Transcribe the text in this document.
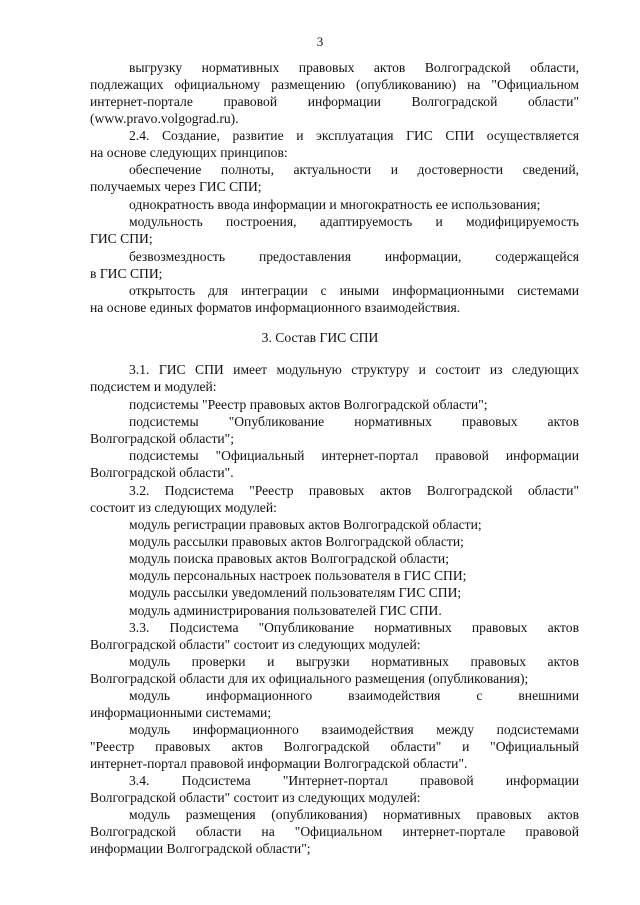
3
3. Состав ГИС СПИ
выгрузку нормативных правовых актов Волгоградской области,
подлежащих официальному размещению (опубликованию) на "Официальном
интернет-портале правовой информации Волгоградской области"
(www.pravo.volgograd.ru).
2.4. Создание, развитие и эксплуатация ГИС СПИ осуществляется
на основе следующих принципов:
обеспечение полноты, актуальности и достоверности сведений,
получаемых через ГИС СПИ;
однократность ввода информации и многократность ее использования;
модульность построения, адаптируемость и модифицируемость
ГИС СПИ;
безвозмездность предоставления информации, содержащейся
в ГИС СПИ;
открытость для интеграции с иными информационными системами
на основе единых форматов информационного взаимодействия.
3.1. ГИС СПИ имеет модульную структуру и состоит из следующих
подсистем и модулей:
подсистемы "Реестр правовых актов Волгоградской области";
подсистемы "Опубликование нормативных правовых актов
Волгоградской области";
подсистемы "Официальный интернет-портал правовой информации
Волгоградской области".
3.2. Подсистема "Реестр правовых актов Волгоградской области"
состоит из следующих модулей:
модуль регистрации правовых актов Волгоградской области;
модуль рассылки правовых актов Волгоградской области;
модуль поиска правовых актов Волгоградской области;
модуль персональных настроек пользователя в ГИС СПИ;
модуль рассылки уведомлений пользователям ГИС СПИ;
модуль администрирования пользователей ГИС СПИ.
3.3. Подсистема "Опубликование нормативных правовых актов
Волгоградской области" состоит из следующих модулей:
модуль проверки и выгрузки нормативных правовых актов
Волгоградской области для их официального размещения (опубликования);
модуль информационного взаимодействия с внешними
информационными системами;
модуль информационного взаимодействия между подсистемами
"Реестр правовых актов Волгоградской области" и "Официальный
интернет-портал правовой информации Волгоградской области".
3.4. Подсистема "Интернет-портал правовой информации
Волгоградской области" состоит из следующих модулей:
модуль размещения (опубликования) нормативных правовых актов
Волгоградской области на "Официальном интернет-портале правовой
информации Волгоградской области";
